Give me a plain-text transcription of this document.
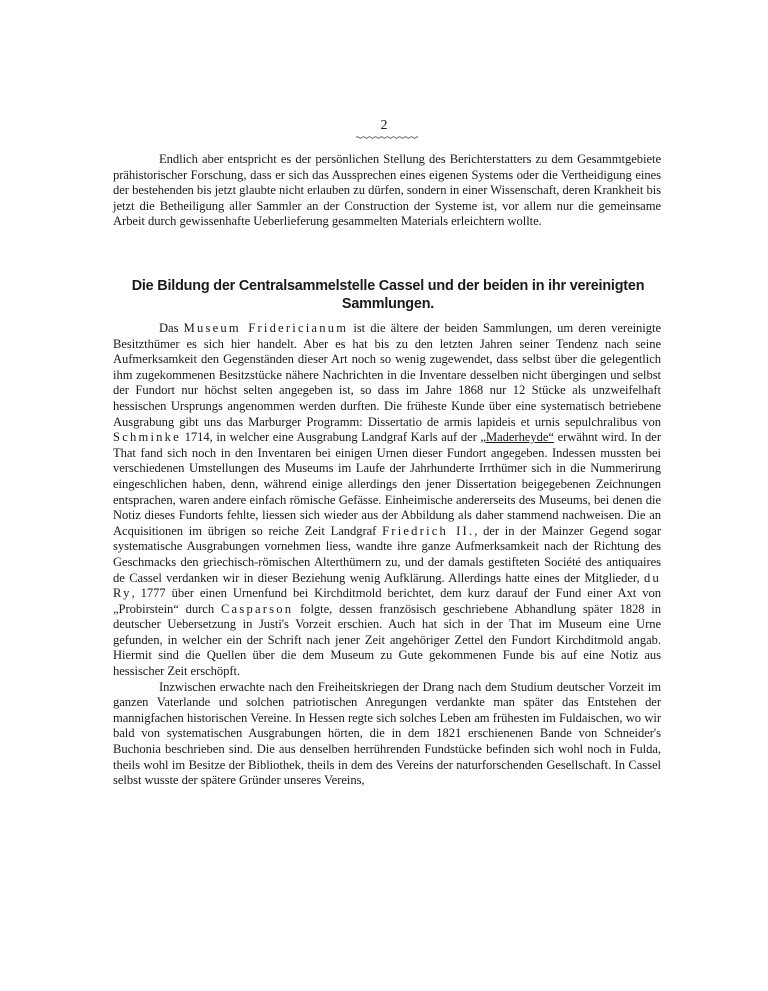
2

Endlich aber entspricht es der persönlichen Stellung des Berichterstatters zu dem Gesammtgebiete prähistorischer Forschung, dass er sich das Aussprechen eines eigenen Systems oder die Vertheidigung eines der bestehenden bis jetzt glaubte nicht erlauben zu dürfen, sondern in einer Wissenschaft, deren Krankheit bis jetzt die Betheiligung aller Sammler an der Construction der Systeme ist, vor allem nur die gemeinsame Arbeit durch gewissenhafte Ueberlieferung gesammelten Materials erleichtern wollte.

Die Bildung der Centralsammelstelle Cassel und der beiden in ihr vereinigten Sammlungen.

Das Museum Fridericianum ist die ältere der beiden Sammlungen, um deren vereinigte Besitzthümer es sich hier handelt. Aber es hat bis zu den letzten Jahren seiner Tendenz nach seine Aufmerksamkeit den Gegenständen dieser Art noch so wenig zugewendet, dass selbst über die gelegentlich ihm zugekommenen Besitzstücke nähere Nachrichten in die Inventare desselben nicht übergingen und selbst der Fundort nur höchst selten angegeben ist, so dass im Jahre 1868 nur 12 Stücke als unzweifelhaft hessischen Ursprungs angenommen werden durften. Die früheste Kunde über eine systematisch betriebene Ausgrabung gibt uns das Marburger Programm: Dissertatio de armis lapideis et urnis sepulchralibus von Schminke 1714, in welcher eine Ausgrabung Landgraf Karls auf der „Maderheyde“ erwähnt wird. In der That fand sich noch in den Inventaren bei einigen Urnen dieser Fundort angegeben. Indessen mussten bei verschiedenen Umstellungen des Museums im Laufe der Jahrhunderte Irrthümer sich in die Nummerirung eingeschlichen haben, denn, während einige allerdings den jener Dissertation beigegebenen Zeichnungen entsprachen, waren andere einfach römische Gefässe. Einheimische andererseits des Museums, bei denen die Notiz dieses Fundorts fehlte, liessen sich wieder aus der Abbildung als daher stammend nachweisen. Die an Acquisitionen im übrigen so reiche Zeit Landgraf Friedrich II., der in der Mainzer Gegend sogar systematische Ausgrabungen vornehmen liess, wandte ihre ganze Aufmerksamkeit nach der Richtung des Geschmacks den griechisch-römischen Alterthümern zu, und der damals gestifteten Société des antiquaires de Cassel verdanken wir in dieser Beziehung wenig Aufklärung. Allerdings hatte eines der Mitglieder, du Ry, 1777 über einen Urnenfund bei Kirchditmold berichtet, dem kurz darauf der Fund einer Axt von „Probirstein“ durch Casparson folgte, dessen französisch geschriebene Abhandlung später 1828 in deutscher Uebersetzung in Justi's Vorzeit erschien. Auch hat sich in der That im Museum eine Urne gefunden, in welcher ein der Schrift nach jener Zeit angehöriger Zettel den Fundort Kirchditmold angab. Hiermit sind die Quellen über die dem Museum zu Gute gekommenen Funde bis auf eine Notiz aus hessischer Zeit erschöpft.

Inzwischen erwachte nach den Freiheitskriegen der Drang nach dem Studium deutscher Vorzeit im ganzen Vaterlande und solchen patriotischen Anregungen verdankte man später das Entstehen der mannigfachen historischen Vereine. In Hessen regte sich solches Leben am frühesten im Fuldaischen, wo wir bald von systematischen Ausgrabungen hörten, die in dem 1821 erschienenen Bande von Schneider's Buchonia beschrieben sind. Die aus denselben herrührenden Fundstücke befinden sich wohl noch in Fulda, theils wohl im Besitze der Bibliothek, theils in dem des Vereins der naturforschenden Gesellschaft. In Cassel selbst wusste der spätere Gründer unseres Vereins,
